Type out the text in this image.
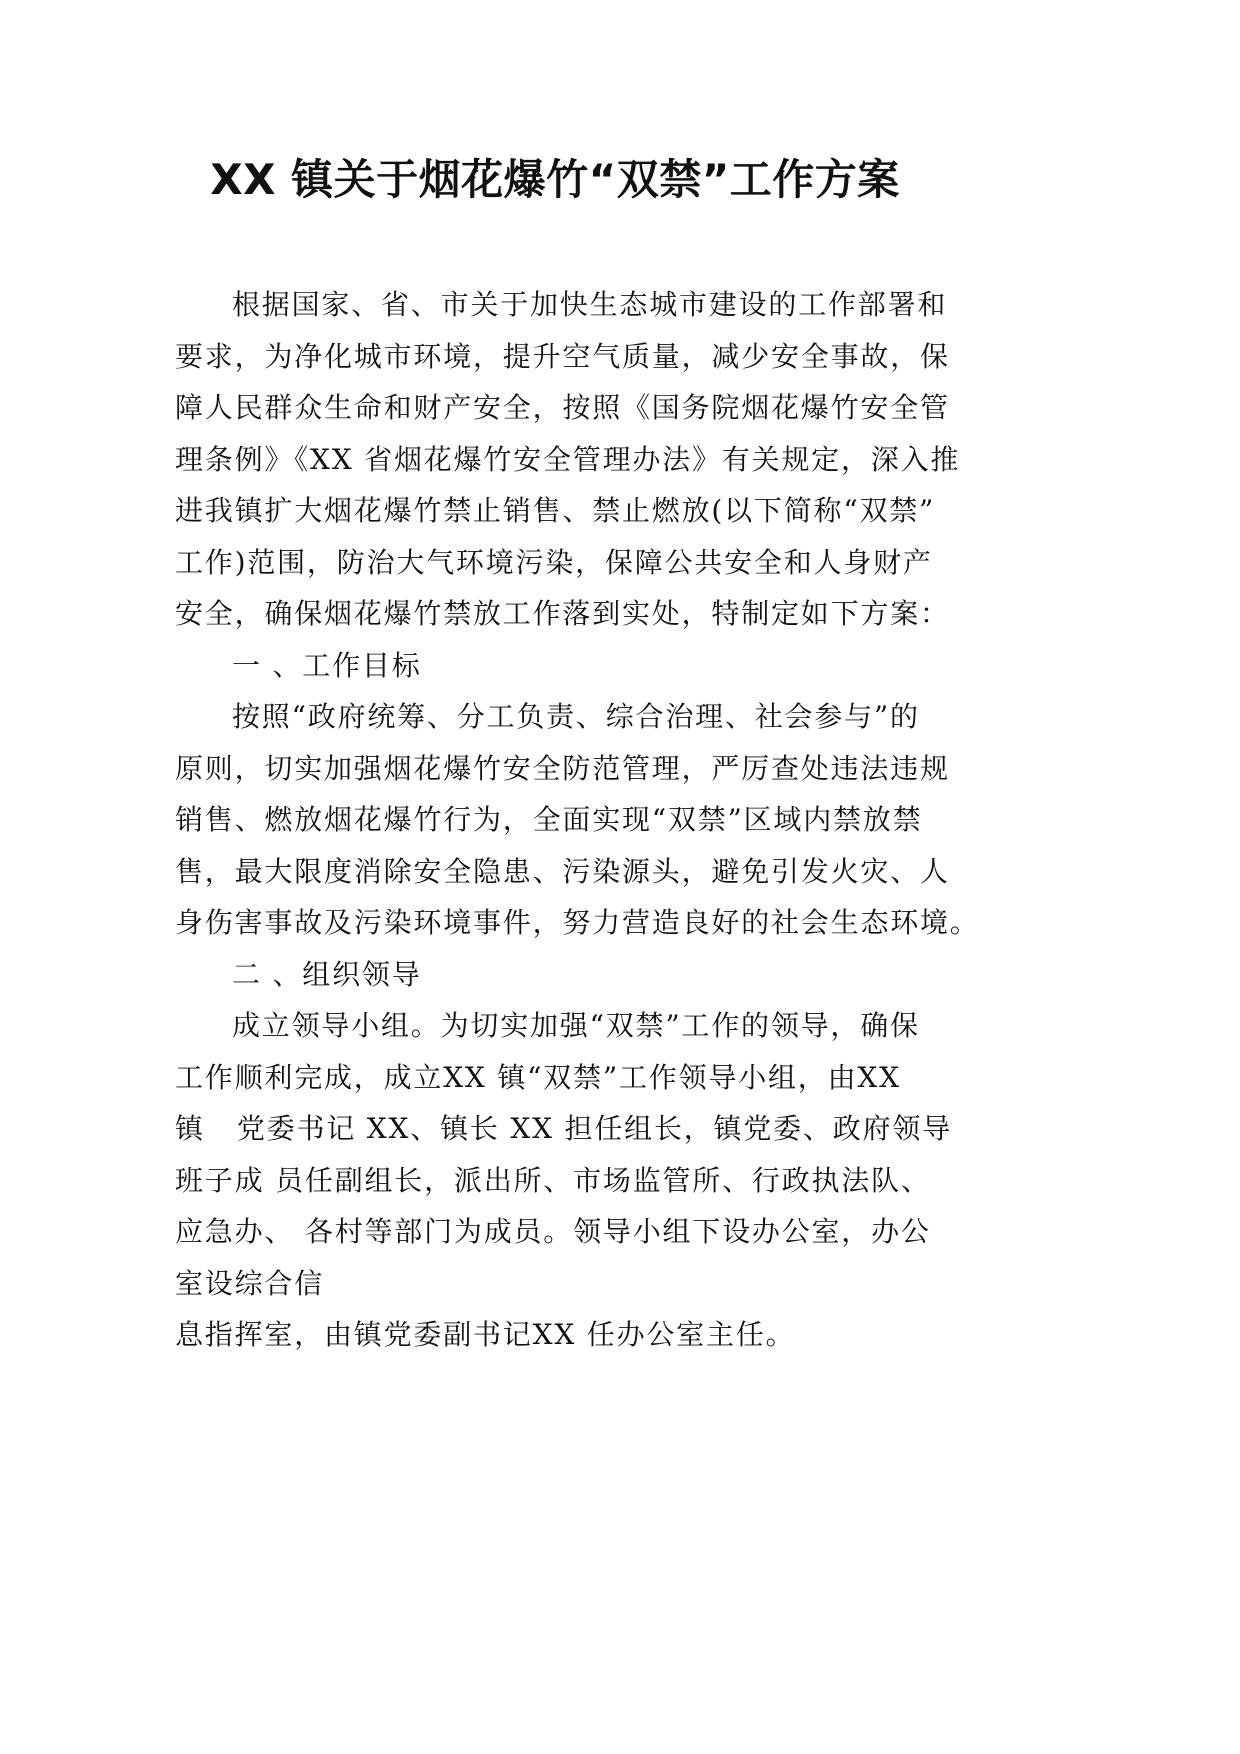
XX 镇关于烟花爆竹“双禁”工作方案
根据国家、省、市关于加快生态城市建设的工作部署和
要求，为净化城市环境，提升空气质量，减少安全事故，保
障人民群众生命和财产安全，按照《国务院烟花爆竹安全管
理条例》《XX 省烟花爆竹安全管理办法》有关规定，深入推
进我镇扩大烟花爆竹禁止销售、禁止燃放(以下简称“双禁”
工作)范围，防治大气环境污染，保障公共安全和人身财产
安全，确保烟花爆竹禁放工作落到实处，特制定如下方案：
一 、工作目标
按照“政府统筹、分工负责、综合治理、社会参与”的
原则，切实加强烟花爆竹安全防范管理，严厉查处违法违规
销售、燃放烟花爆竹行为，全面实现“双禁”区域内禁放禁
售，最大限度消除安全隐患、污染源头，避免引发火灾、人
身伤害事故及污染环境事件，努力营造良好的社会生态环境。
二 、组织领导
成立领导小组。为切实加强“双禁”工作的领导，确保
工作顺利完成，成立XX 镇“双禁”工作领导小组，由XX
镇   党委书记 XX、镇长 XX 担任组长，镇党委、政府领导
班子成 员任副组长，派出所、市场监管所、行政执法队、
应急办、 各村等部门为成员。领导小组下设办公室，办公
室设综合信
息指挥室，由镇党委副书记XX 任办公室主任。
